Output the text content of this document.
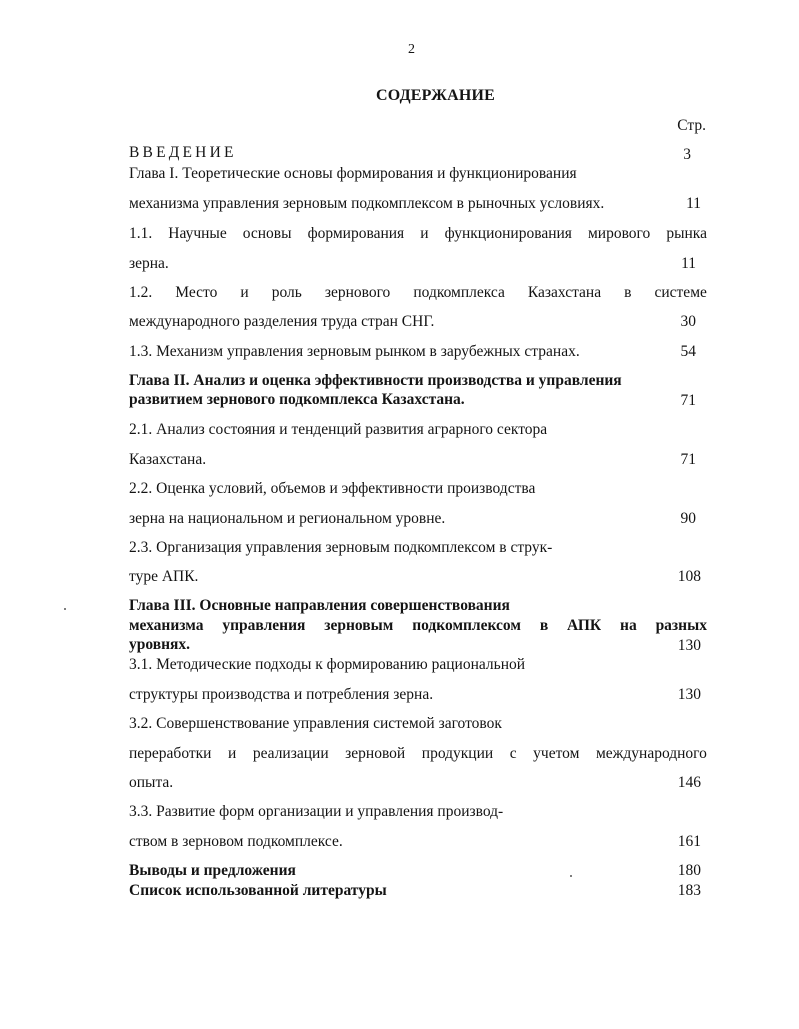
2
СОДЕРЖАНИЕ
Стр.
ВВЕДЕНИЕ	3
Глава I. Теоретические основы формирования и функционирования
механизма управления зерновым подкомплексом в рыночных условиях.	11
1.1. Научные основы формирования и функционирования мирового рынка
зерна.	11
1.2. Место и роль зернового подкомплекса Казахстана в системе
международного разделения труда стран СНГ.	30
1.3. Механизм управления зерновым рынком в зарубежных странах.	54
Глава II. Анализ и оценка эффективности производства и управления
развитием зернового подкомплекса Казахстана.	71
2.1. Анализ состояния и тенденций развития аграрного сектора
Казахстана.	71
2.2. Оценка условий, объемов и эффективности производства
зерна на национальном и региональном уровне.	90
2.3. Организация управления зерновым подкомплексом в струк-
туре АПК.	108
Глава III. Основные направления совершенствования
механизма управления зерновым подкомплексом в АПК на разных
уровнях.	130
3.1. Методические подходы к формированию рациональной
структуры производства и потребления зерна.	130
3.2. Совершенствование управления системой заготовок
переработки и реализации зерновой продукции с учетом международного
опыта.	146
3.3. Развитие форм организации и управления производ-
ством в зерновом подкомплексе.	161
Выводы и предложения	180
Список использованной литературы	183
